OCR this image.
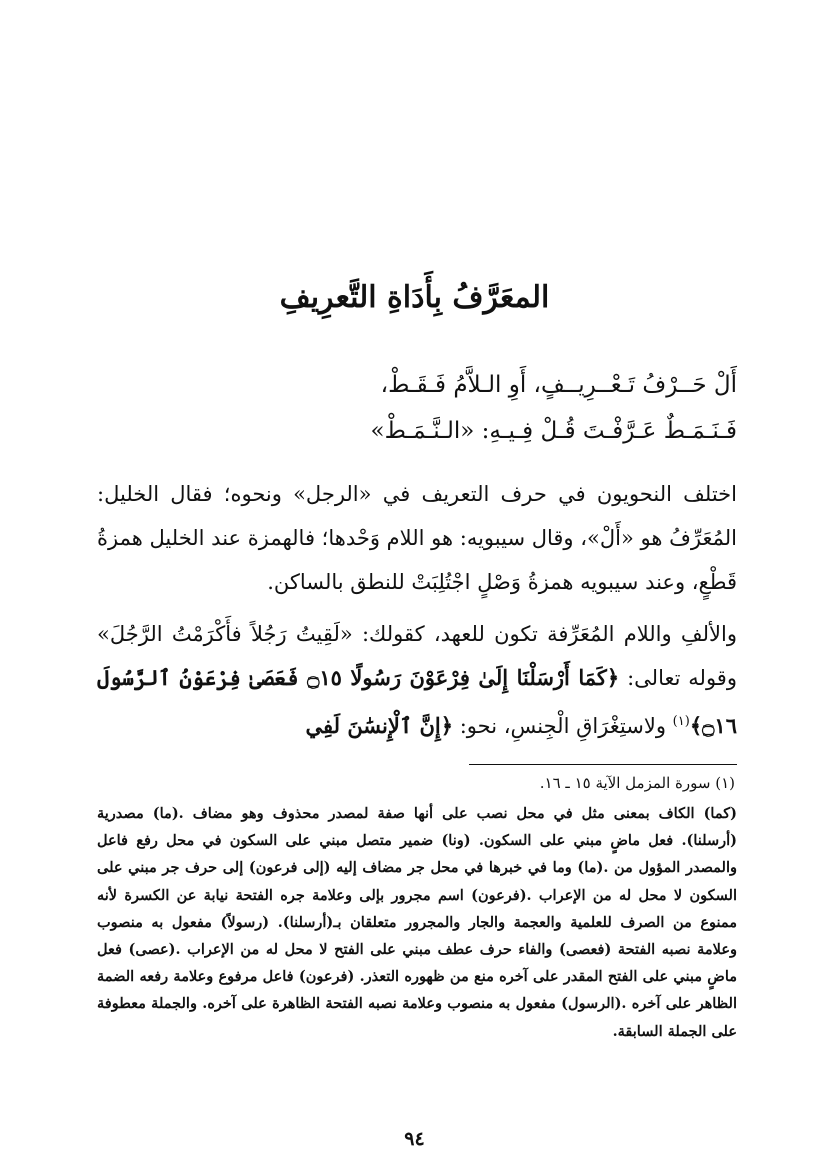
المعَرَّفُ بِأَدَاةِ التَّعرِيفِ
أَلْ حَــرْفُ تَـعْــرِيــفٍ، أَوِ الـلاَّمُ فَـقَـطْ،
فَـنَـمَـطٌ عَـرَّفْـتَ قُـلْ فِـيـهِ: «الـنَّـمَـطْ»
اختلف النحويون في حرف التعريف في «الرجل» ونحوه؛ فقال الخليل: المُعَرِّفُ هو «أَلْ»، وقال سيبويه: هو اللام وَحْدها؛ فالهمزة عند الخليل همزةُ قَطْعٍ، وعند سيبويه همزةُ وَصْلٍ اجْتُلِبَتْ للنطق بالساكن.
والألفِ واللام المُعَرِّفة تكون للعهد، كقولك: «لَقِيتُ رَجُلاً فأَكْرَمْتُ الرَّجُلَ» وقوله تعالى: ﴿كَمَا أَرْسَلْنَا إِلَىٰ فِرْعَوْنَ رَسُولًا ۝١٥ فَعَصَىٰ فِرْعَوْنُ ٱلرَّسُولَ ۝١٦﴾$^{(١)}$ ولاستِغْرَاقِ الْجِنسِ، نحو: ﴿إِنَّ ٱلْإِنسَٰنَ لَفِي
(١) سورة المزمل الآية ١٥ ـ ١٦.
(كما) الكاف بمعنى مثل في محل نصب على أنها صفة لمصدر محذوف وهو مضاف .(ما) مصدرية (أرسلنا). فعل ماضٍ مبني على السكون. (ونا) ضمير متصل مبني على السكون في محل رفع فاعل والمصدر المؤول من .(ما) وما في خبرها في محل جر مضاف إليه (إلى فرعون) إلى حرف جر مبني على السكون لا محل له من الإعراب .(فرعون) اسم مجرور بإلى وعلامة جره الفتحة نيابة عن الكسرة لأنه ممنوع من الصرف للعلمية والعجمة والجار والمجرور متعلقان بـ(أرسلنا). (رسولاً) مفعول به منصوب وعلامة نصبه الفتحة (فعصى) والفاء حرف عطف مبني على الفتح لا محل له من الإعراب .(عصى) فعل ماضٍ مبني على الفتح المقدر على آخره منع من ظهوره التعذر. (فرعون) فاعل مرفوع وعلامة رفعه الضمة الظاهر على آخره .(الرسول) مفعول به منصوب وعلامة نصبه الفتحة الظاهرة على آخره. والجملة معطوفة على الجملة السابقة.
٩٤
